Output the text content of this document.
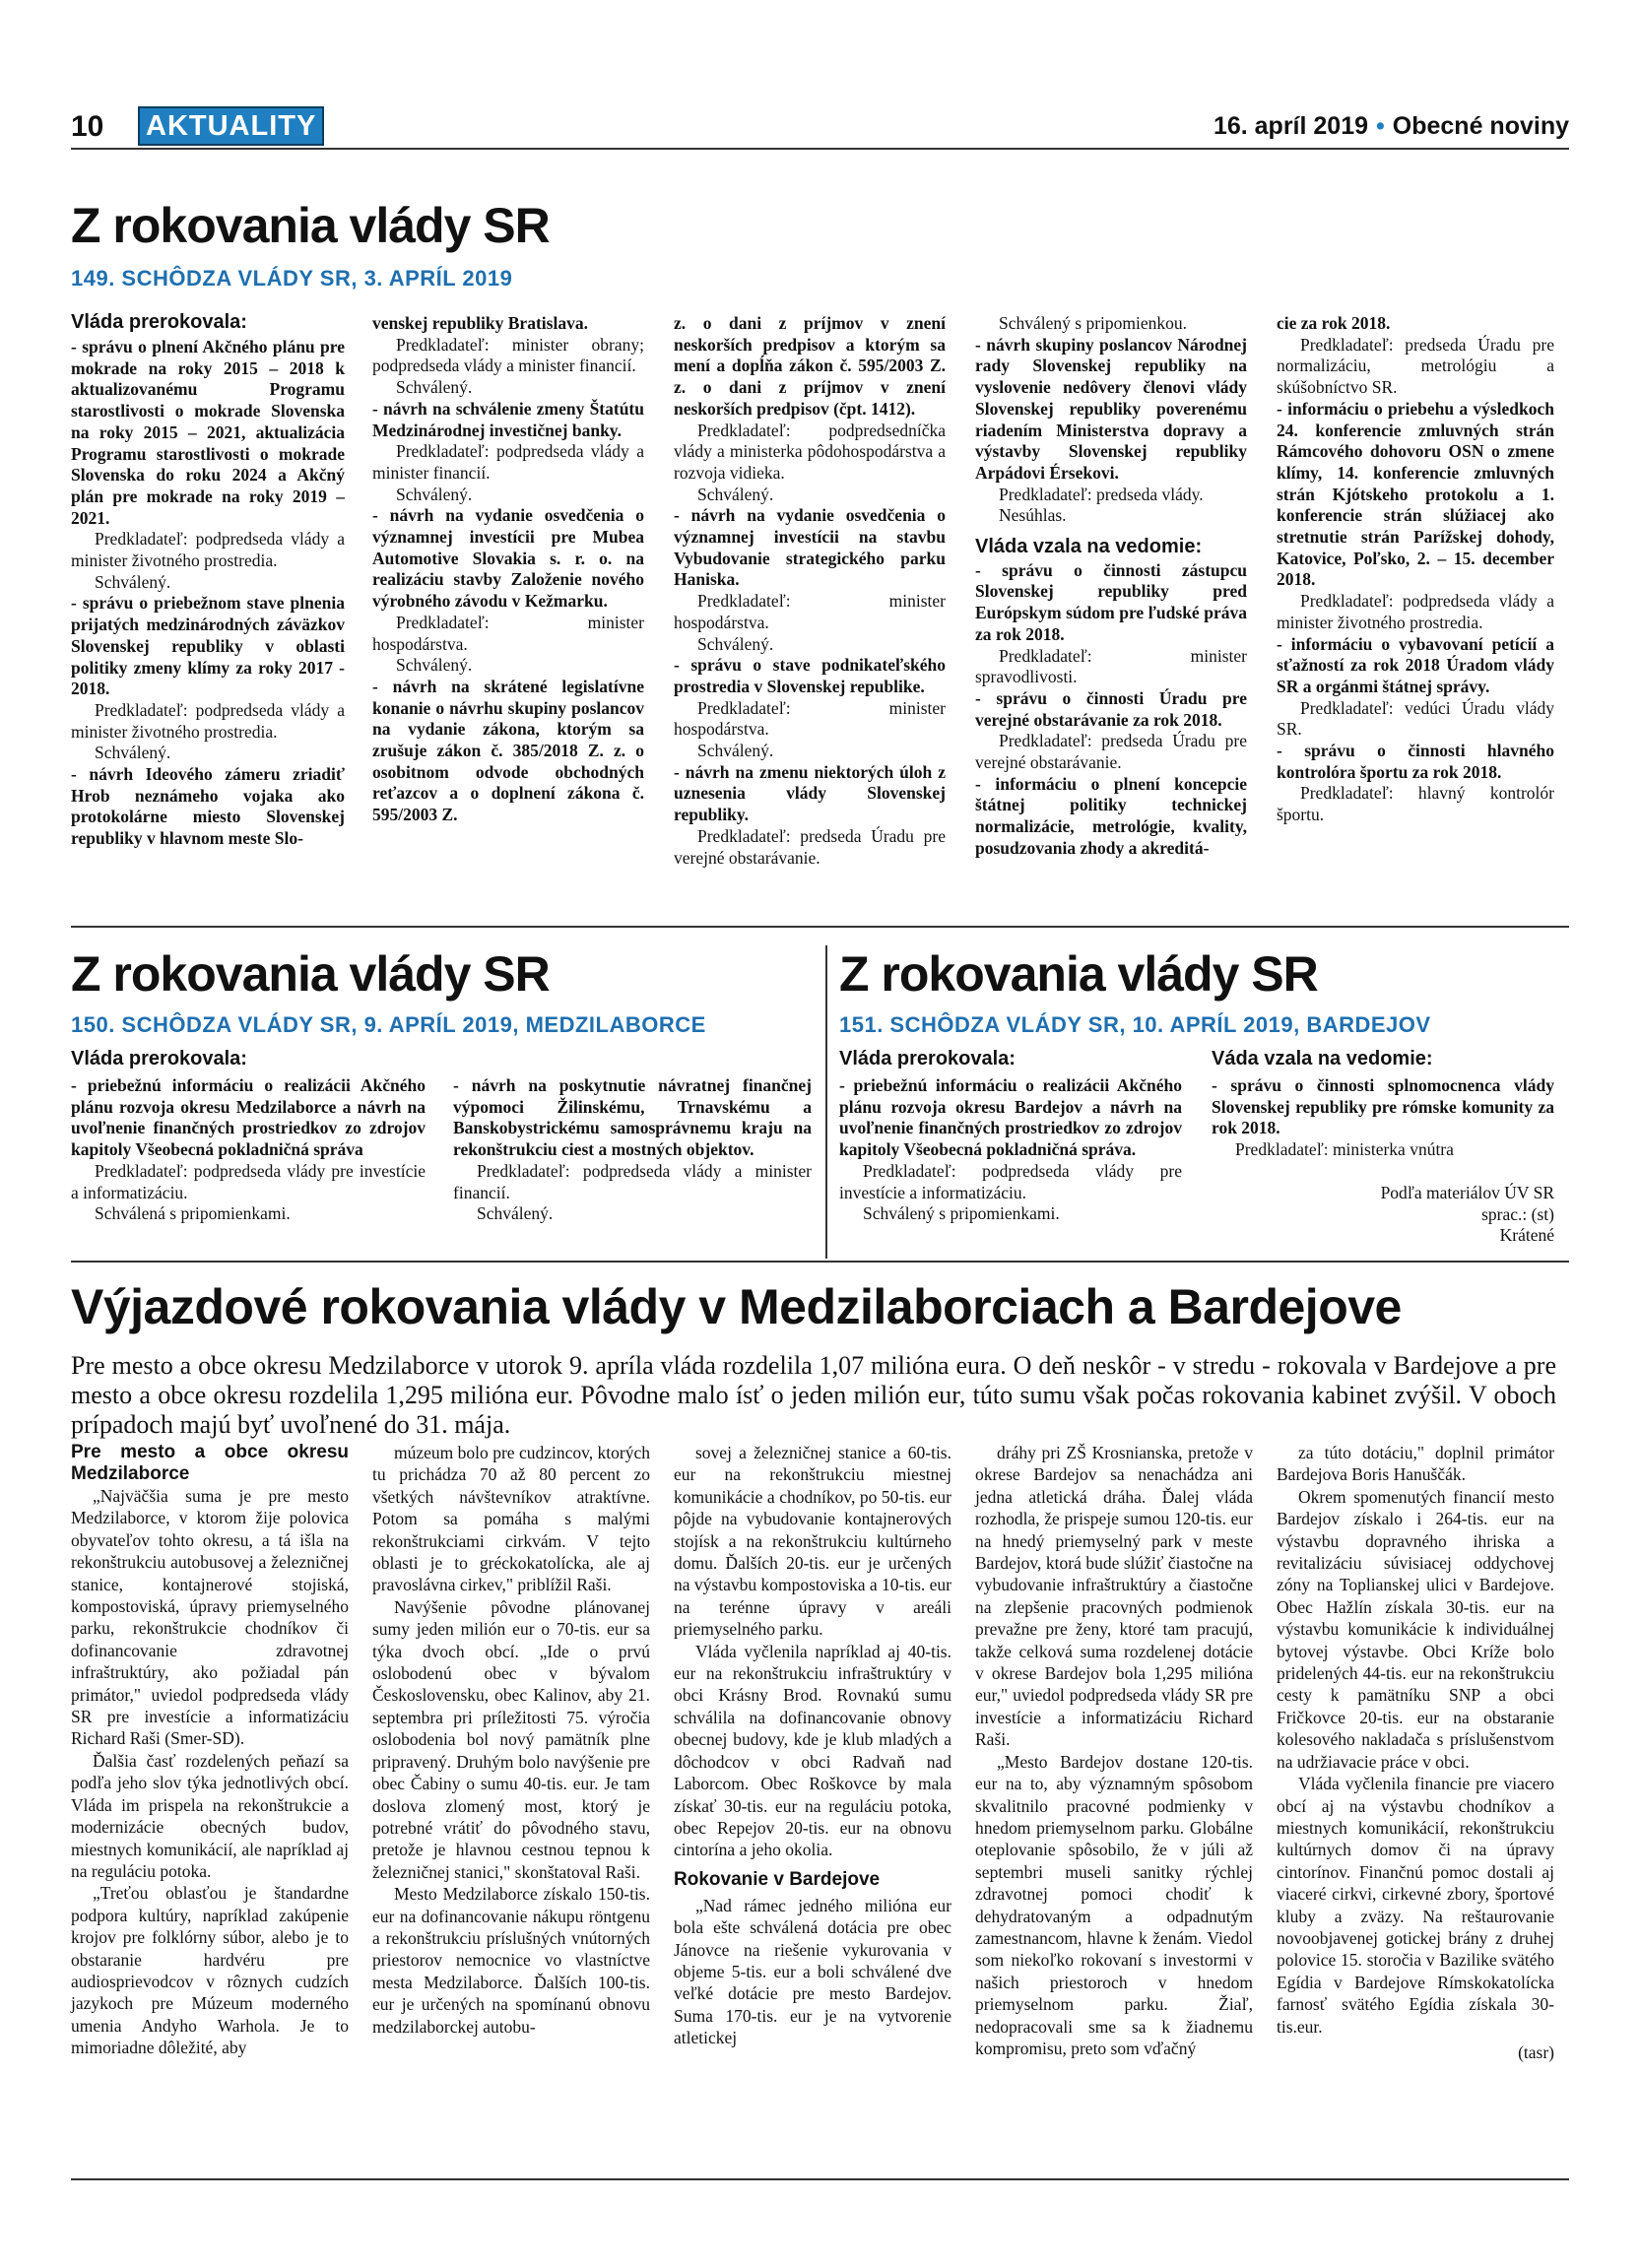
10 AKTUALITY	16. apríl 2019 • Obecné noviny
Z rokovania vlády SR
149. SCHÔDZA VLÁDY SR, 3. APRÍL 2019
Vláda prerokovala:

- správu o plnení Akčného plánu pre mokrade na roky 2015 – 2018 k aktualizovanému Programu starostlivosti o mokrade Slovenska na roky 2015 – 2021, aktualizácia Programu starostlivosti o mokrade Slovenska do roku 2024 a Akčný plán pre mokrade na roky 2019 – 2021.

Predkladateľ: podpredseda vlády a minister životného prostredia.

Schválený.

- správu o priebežnom stave plnenia prijatých medzinárodných záväzkov Slovenskej republiky v oblasti politiky zmeny klímy za roky 2017 - 2018.

Predkladateľ: podpredseda vlády a minister životného prostredia.

Schválený.

- návrh Ideového zámeru zriadiť Hrob neznámeho vojaka ako protokolárne miesto Slovenskej republiky v hlavnom meste Slo-

venskej republiky Bratislava.

Predkladateľ: minister obrany; podpredseda vlády a minister financií.

Schválený.

- návrh na schválenie zmeny Štatútu Medzinárodnej investičnej banky.

Predkladateľ: podpredseda vlády a minister financií.

Schválený.

- návrh na vydanie osvedčenia o významnej investícii pre Mubea Automotive Slovakia s. r. o. na realizáciu stavby Založenie nového výrobného závodu v Kežmarku.

Predkladateľ: minister hospodárstva.

Schválený.

- návrh na skrátené legislatívne konanie o návrhu skupiny poslancov na vydanie zákona, ktorým sa zrušuje zákon č. 385/2018 Z. z. o osobitnom odvode obchodných reťazcov a o doplnení zákona č. 595/2003 Z.

z. o dani z príjmov v znení neskorších predpisov a ktorým sa mení a dopĺňa zákon č. 595/2003 Z. z. o dani z príjmov v znení neskorších predpisov (čpt. 1412).

Predkladateľ: podpredsedníčka vlády a ministerka pôdohospodárstva a rozvoja vidieka.

Schválený.

- návrh na vydanie osvedčenia o významnej investícii na stavbu Vybudovanie strategického parku Haniska.

Predkladateľ: minister hospodárstva.

Schválený.

- správu o stave podnikateľského prostredia v Slovenskej republike.

Predkladateľ: minister hospodárstva.

Schválený.

- návrh na zmenu niektorých úloh z uznesenia vlády Slovenskej republiky.

Predkladateľ: predseda Úradu pre verejné obstarávanie.

Schválený s pripomienkou.

- návrh skupiny poslancov Národnej rady Slovenskej republiky na vyslovenie nedôvery členovi vlády Slovenskej republiky poverenému riadením Ministerstva dopravy a výstavby Slovenskej republiky Arpádovi Érsekovi.

Predkladateľ: predseda vlády.

Nesúhlas.

Vláda vzala na vedomie:

- správu o činnosti zástupcu Slovenskej republiky pred Európskym súdom pre ľudské práva za rok 2018.

Predkladateľ: minister spravodlivosti.

- správu o činnosti Úradu pre verejné obstarávanie za rok 2018.

Predkladateľ: predseda Úradu pre verejné obstarávanie.

- informáciu o plnení koncepcie štátnej politiky technickej normalizácie, metrológie, kvality, posudzovania zhody a akreditá-

cie za rok 2018.

Predkladateľ: predseda Úradu pre normalizáciu, metrológiu a skúšobníctvo SR.

- informáciu o priebehu a výsledkoch 24. konferencie zmluvných strán Rámcového dohovoru OSN o zmene klímy, 14. konferencie zmluvných strán Kjótskeho protokolu a 1. konferencie strán slúžiacej ako stretnutie strán Parížskej dohody, Katovice, Poľsko, 2. – 15. december 2018.

Predkladateľ: podpredseda vlády a minister životného prostredia.

- informáciu o vybavovaní petícií a sťažností za rok 2018 Úradom vlády SR a orgánmi štátnej správy.

Predkladateľ: vedúci Úradu vlády SR.

- správu o činnosti hlavného kontrolóra športu za rok 2018.

Predkladateľ: hlavný kontrolór športu.

Z rokovania vlády SR
150. SCHÔDZA VLÁDY SR, 9. APRÍL 2019, MEDZILABORCE
Vláda prerokovala:

- priebežnú informáciu o realizácii Akčného plánu rozvoja okresu Medzilaborce a návrh na uvoľnenie finančných prostriedkov zo zdrojov kapitoly Všeobecná pokladničná správa

Predkladateľ: podpredseda vlády pre investície a informatizáciu.

Schválená s pripomienkami.

- návrh na poskytnutie návratnej finančnej výpomoci Žilinskému, Trnavskému a Banskobystrickému samosprávnemu kraju na rekonštrukciu ciest a mostných objektov.

Predkladateľ: podpredseda vlády a minister financií.

Schválený.

Z rokovania vlády SR
151. SCHÔDZA VLÁDY SR, 10. APRÍL 2019, BARDEJOV
Vláda prerokovala:

- priebežnú informáciu o realizácii Akčného plánu rozvoja okresu Bardejov a návrh na uvoľnenie finančných prostriedkov zo zdrojov kapitoly Všeobecná pokladničná správa.

Predkladateľ: podpredseda vlády pre investície a informatizáciu.

Schválený s pripomienkami.

Váda vzala na vedomie:

- správu o činnosti splnomocnenca vlády Slovenskej republiky pre rómske komunity za rok 2018.

Predkladateľ: ministerka vnútra

Podľa materiálov ÚV SR
sprac.: (st)
Krátené
Výjazdové rokovania vlády v Medzilaborciach a Bardejove
Pre mesto a obce okresu Medzilaborce v utorok 9. apríla vláda rozdelila 1,07 milióna eura. O deň neskôr - v stredu - rokovala v Bardejove a pre mesto a obce okresu rozdelila 1,295 milióna eur. Pôvodne malo ísť o jeden milión eur, túto sumu však počas rokovania kabinet zvýšil. V oboch prípadoch majú byť uvoľnené do 31. mája.
Pre mesto a obce okresu Medzilaborce

„Najväčšia suma je pre mesto Medzilaborce, v ktorom žije polovica obyvateľov tohto okresu, a tá išla na rekonštrukciu autobusovej a železničnej stanice, kontajnerové stojiská, kompostoviská, úpravy priemyselného parku, rekonštrukcie chodníkov či dofinancovanie zdravotnej infraštruktúry, ako požiadal pán primátor," uviedol podpredseda vlády SR pre investície a informatizáciu Richard Raši (Smer-SD).

Ďalšia časť rozdelených peňazí sa podľa jeho slov týka jednotlivých obcí. Vláda im prispela na rekonštrukcie a modernizácie obecných budov, miestnych komunikácií, ale napríklad aj na reguláciu potoka.

„Treťou oblasťou je štandardne podpora kultúry, napríklad zakúpenie krojov pre folklórny súbor, alebo je to obstaranie hardvéru pre audiosprievodcov v rôznych cudzích jazykoch pre Múzeum moderného umenia Andyho Warhola. Je to mimoriadne dôležité, aby

múzeum bolo pre cudzincov, ktorých tu prichádza 70 až 80 percent zo všetkých návštevníkov atraktívne. Potom sa pomáha s malými rekonštrukciami cirkvám. V tejto oblasti je to gréckokatolícka, ale aj pravoslávna cirkev," priblížil Raši.

Navýšenie pôvodne plánovanej sumy jeden milión eur o 70-tis. eur sa týka dvoch obcí. „Ide o prvú oslobodenú obec v bývalom Československu, obec Kalinov, aby 21. septembra pri príležitosti 75. výročia oslobodenia bol nový pamätník plne pripravený. Druhým bolo navýšenie pre obec Čabiny o sumu 40-tis. eur. Je tam doslova zlomený most, ktorý je potrebné vrátiť do pôvodného stavu, pretože je hlavnou cestnou tepnou k železničnej stanici," skonštatoval Raši.

Mesto Medzilaborce získalo 150-tis. eur na dofinancovanie nákupu röntgenu a rekonštrukciu príslušných vnútorných priestorov nemocnice vo vlastníctve mesta Medzilaborce. Ďalších 100-tis. eur je určených na spomínanú obnovu medzilaborckej autobu-

sovej a železničnej stanice a 60-tis. eur na rekonštrukciu miestnej komunikácie a chodníkov, po 50-tis. eur pôjde na vybudovanie kontajnerových stojísk a na rekonštrukciu kultúrneho domu. Ďalších 20-tis. eur je určených na výstavbu kompostoviska a 10-tis. eur na terénne úpravy v areáli priemyselného parku.

Vláda vyčlenila napríklad aj 40-tis. eur na rekonštrukciu infraštruktúry v obci Krásny Brod. Rovnakú sumu schválila na dofinancovanie obnovy obecnej budovy, kde je klub mladých a dôchodcov v obci Radvaň nad Laborcom. Obec Roškovce by mala získať 30-tis. eur na reguláciu potoka, obec Repejov 20-tis. eur na obnovu cintorína a jeho okolia.

Rokovanie v Bardejove

„Nad rámec jedného milióna eur bola ešte schválená dotácia pre obec Jánovce na riešenie vykurovania v objeme 5-tis. eur a boli schválené dve veľké dotácie pre mesto Bardejov. Suma 170-tis. eur je na vytvorenie atletickej

dráhy pri ZŠ Krosnianska, pretože v okrese Bardejov sa nenachádza ani jedna atletická dráha. Ďalej vláda rozhodla, že prispeje sumou 120-tis. eur na hnedý priemyselný park v meste Bardejov, ktorá bude slúžiť čiastočne na vybudovanie infraštruktúry a čiastočne na zlepšenie pracovných podmienok prevažne pre ženy, ktoré tam pracujú, takže celková suma rozdelenej dotácie v okrese Bardejov bola 1,295 milióna eur," uviedol podpredseda vlády SR pre investície a informatizáciu Richard Raši.

„Mesto Bardejov dostane 120-tis. eur na to, aby významným spôsobom skvalitnilo pracovné podmienky v hnedom priemyselnom parku. Globálne oteplovanie spôsobilo, že v júli až septembri museli sanitky rýchlej zdravotnej pomoci chodiť k dehydratovaným a odpadnutým zamestnancom, hlavne k ženám. Viedol som niekoľko rokovaní s investormi v našich priestoroch v hnedom priemyselnom parku. Žiaľ, nedopracovali sme sa k žiadnemu kompromisu, preto som vďačný

za túto dotáciu," doplnil primátor Bardejova Boris Hanuščák.

Okrem spomenutých financií mesto Bardejov získalo i 264-tis. eur na výstavbu dopravného ihriska a revitalizáciu súvisiacej oddychovej zóny na Toplianskej ulici v Bardejove. Obec Hažlín získala 30-tis. eur na výstavbu komunikácie k individuálnej bytovej výstavbe. Obci Kríže bolo pridelených 44-tis. eur na rekonštrukciu cesty k pamätníku SNP a obci Fričkovce 20-tis. eur na obstaranie kolesového nakladača s príslušenstvom na udržiavacie práce v obci.

Vláda vyčlenila financie pre viacero obcí aj na výstavbu chodníkov a miestnych komunikácií, rekonštrukciu kultúrnych domov či na úpravy cintorínov. Finančnú pomoc dostali aj viaceré cirkvi, cirkevné zbory, športové kluby a zväzy. Na reštaurovanie novoobjavenej gotickej brány z druhej polovice 15. storočia v Bazilike svätého Egídia v Bardejove Rímskokatolícka farnosť svätého Egídia získala 30-tis.eur.

(tasr)
